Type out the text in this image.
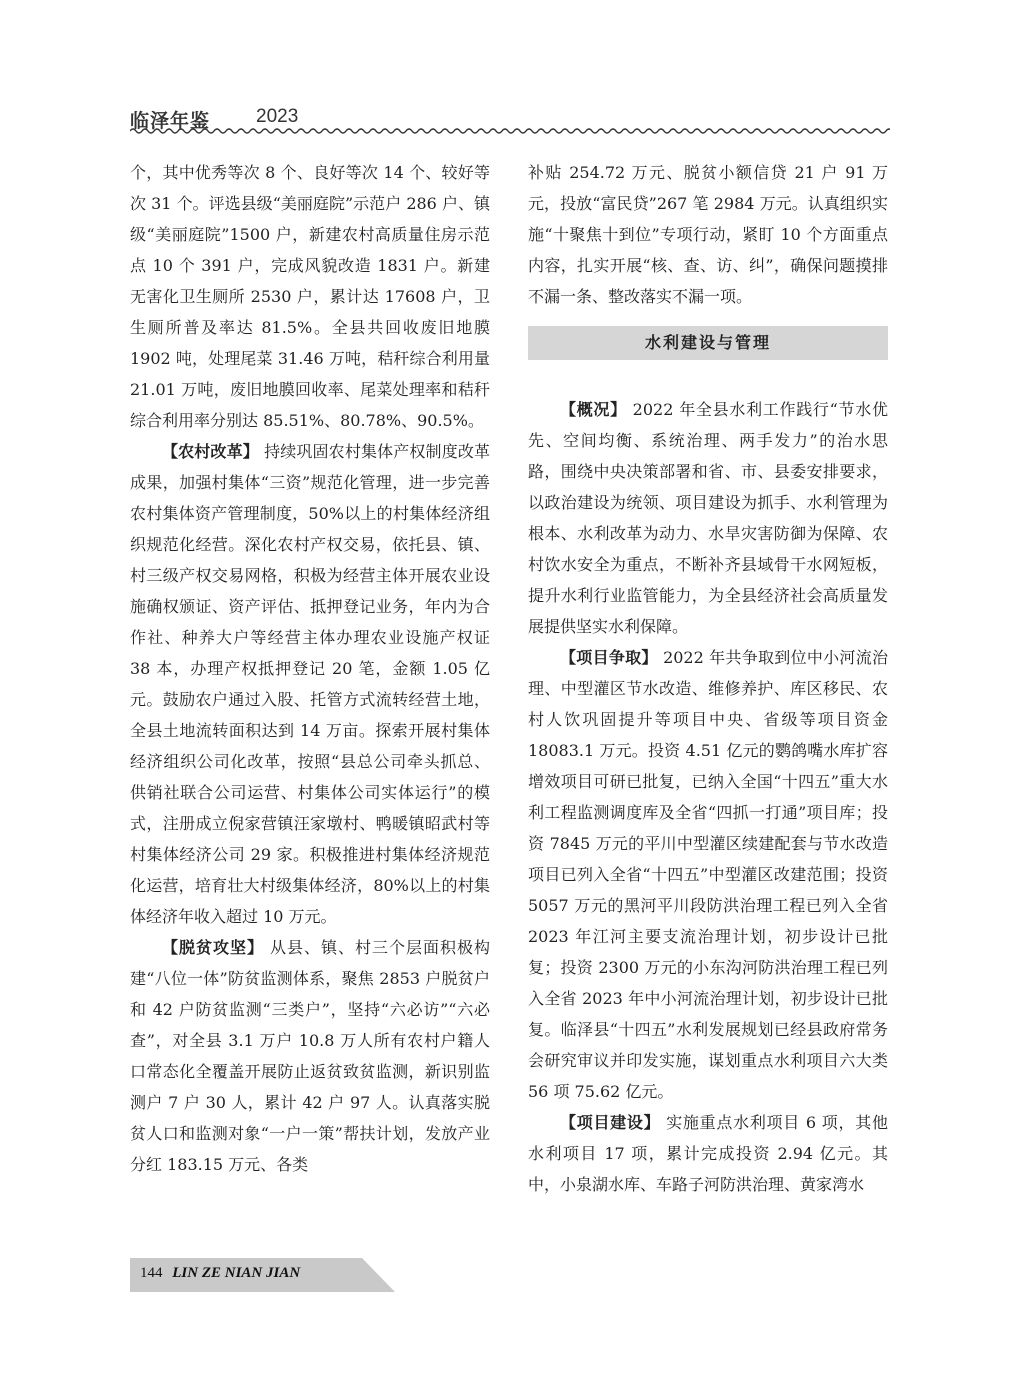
临泽年鉴 2023

个，其中优秀等次 8 个、良好等次 14 个、较好等次 31 个。评选县级“美丽庭院”示范户 286 户、镇级“美丽庭院”1500 户，新建农村高质量住房示范点 10 个 391 户，完成风貌改造 1831 户。新建无害化卫生厕所 2530 户，累计达 17608 户，卫生厕所普及率达 81.5%。全县共回收废旧地膜 1902 吨，处理尾菜 31.46 万吨，秸秆综合利用量 21.01 万吨，废旧地膜回收率、尾菜处理率和秸秆综合利用率分别达 85.51%、80.78%、90.5%。

【农村改革】 持续巩固农村集体产权制度改革成果，加强村集体“三资”规范化管理，进一步完善农村集体资产管理制度，50%以上的村集体经济组织规范化经营。深化农村产权交易，依托县、镇、村三级产权交易网格，积极为经营主体开展农业设施确权颁证、资产评估、抵押登记业务，年内为合作社、种养大户等经营主体办理农业设施产权证 38 本，办理产权抵押登记 20 笔，金额 1.05 亿元。鼓励农户通过入股、托管方式流转经营土地，全县土地流转面积达到 14 万亩。探索开展村集体经济组织公司化改革，按照“县总公司牵头抓总、供销社联合公司运营、村集体公司实体运行”的模式，注册成立倪家营镇汪家墩村、鸭暖镇昭武村等村集体经济公司 29 家。积极推进村集体经济规范化运营，培育壮大村级集体经济，80%以上的村集体经济年收入超过 10 万元。

【脱贫攻坚】 从县、镇、村三个层面积极构建“八位一体”防贫监测体系，聚焦 2853 户脱贫户和 42 户防贫监测“三类户”，坚持“六必访”“六必查”，对全县 3.1 万户 10.8 万人所有农村户籍人口常态化全覆盖开展防止返贫致贫监测，新识别监测户 7 户 30 人，累计 42 户 97 人。认真落实脱贫人口和监测对象“一户一策”帮扶计划，发放产业分红 183.15 万元、各类

补贴 254.72 万元、脱贫小额信贷 21 户 91 万元，投放“富民贷”267 笔 2984 万元。认真组织实施“十聚焦十到位”专项行动，紧盯 10 个方面重点内容，扎实开展“核、查、访、纠”，确保问题摸排不漏一条、整改落实不漏一项。

水利建设与管理

【概况】 2022 年全县水利工作践行“节水优先、空间均衡、系统治理、两手发力”的治水思路，围绕中央决策部署和省、市、县委安排要求，以政治建设为统领、项目建设为抓手、水利管理为根本、水利改革为动力、水旱灾害防御为保障、农村饮水安全为重点，不断补齐县域骨干水网短板，提升水利行业监管能力，为全县经济社会高质量发展提供坚实水利保障。

【项目争取】 2022 年共争取到位中小河流治理、中型灌区节水改造、维修养护、库区移民、农村人饮巩固提升等项目中央、省级等项目资金 18083.1 万元。投资 4.51 亿元的鹦鸽嘴水库扩容增效项目可研已批复，已纳入全国“十四五”重大水利工程监测调度库及全省“四抓一打通”项目库；投资 7845 万元的平川中型灌区续建配套与节水改造项目已列入全省“十四五”中型灌区改建范围；投资 5057 万元的黑河平川段防洪治理工程已列入全省 2023 年江河主要支流治理计划，初步设计已批复；投资 2300 万元的小东沟河防洪治理工程已列入全省 2023 年中小河流治理计划，初步设计已批复。临泽县“十四五”水利发展规划已经县政府常务会研究审议并印发实施，谋划重点水利项目六大类 56 项 75.62 亿元。

【项目建设】 实施重点水利项目 6 项，其他水利项目 17 项，累计完成投资 2.94 亿元。其中，小泉湖水库、车路子河防洪治理、黄家湾水

144 LIN ZE NIAN JIAN
